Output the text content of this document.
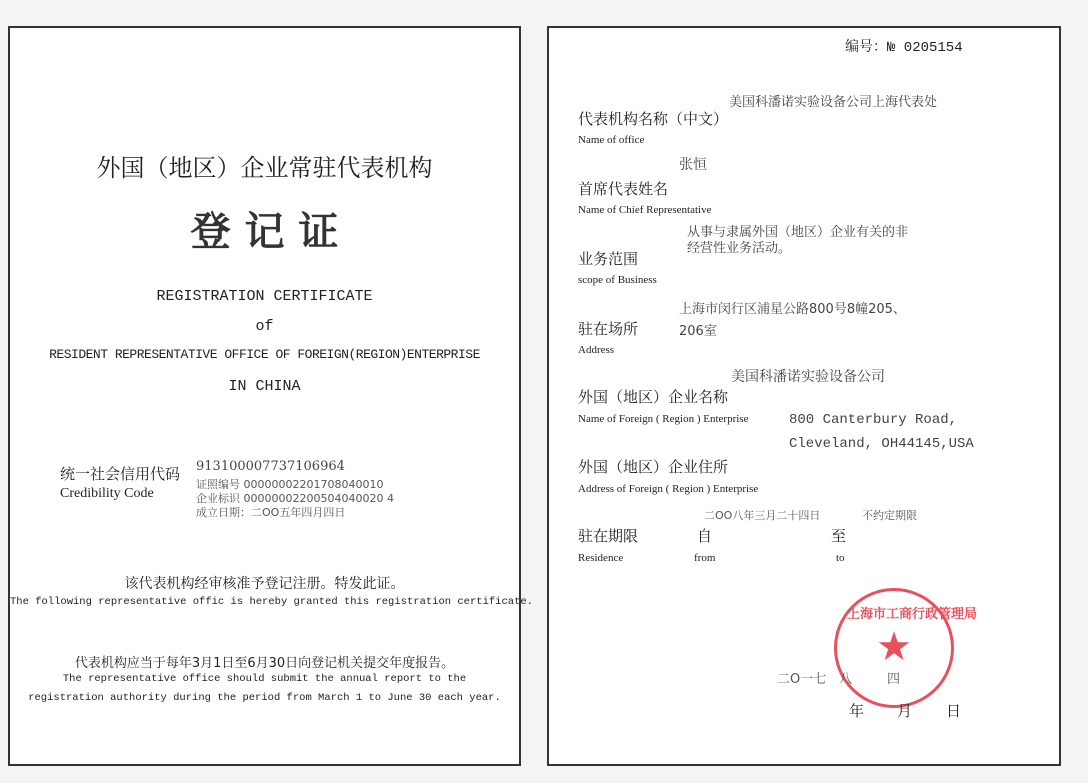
外国（地区）企业常驻代表机构
登 记 证
REGISTRATION CERTIFICATE
of
RESIDENT REPRESENTATIVE OFFICE OF FOREIGN(REGION)ENTERPRISE
IN CHINA
统一社会信用代码
Credibility Code
913100007737106964
证照编号 00000002201708040010
企业标识 00000002200504040020 4
成立日期：二OO五年四月四日
该代表机构经审核准予登记注册。特发此证。
The following representative offic is hereby granted this registration certificate.
代表机构应当于每年3月1日至6月30日向登记机关提交年度报告。
The representative office should submit the annual report to the
registration authority during the period from March 1 to June 30 each year.
编号：№ 0205154
美国科潘诺实验设备公司上海代表处
代表机构名称（中文）
Name of office
张恒
首席代表姓名
Name of Chief Representative
从事与隶属外国（地区）企业有关的非
经营性业务活动。
业务范围
scope of Business
上海市闵行区浦星公路800号8幢205、
206室
驻在场所
Address
美国科潘诺实验设备公司
外国（地区）企业名称
Name of Foreign ( Region ) Enterprise	800 Canterbury Road,
Cleveland, OH44145,USA
外国（地区）企业住所
Address of Foreign ( Region ) Enterprise
二OO八年三月二十四日	不约定期限
驻在期限	自	至
Residence	from	to
上海市工商行政管理局
★
二O一七 八	四
年 月 日
